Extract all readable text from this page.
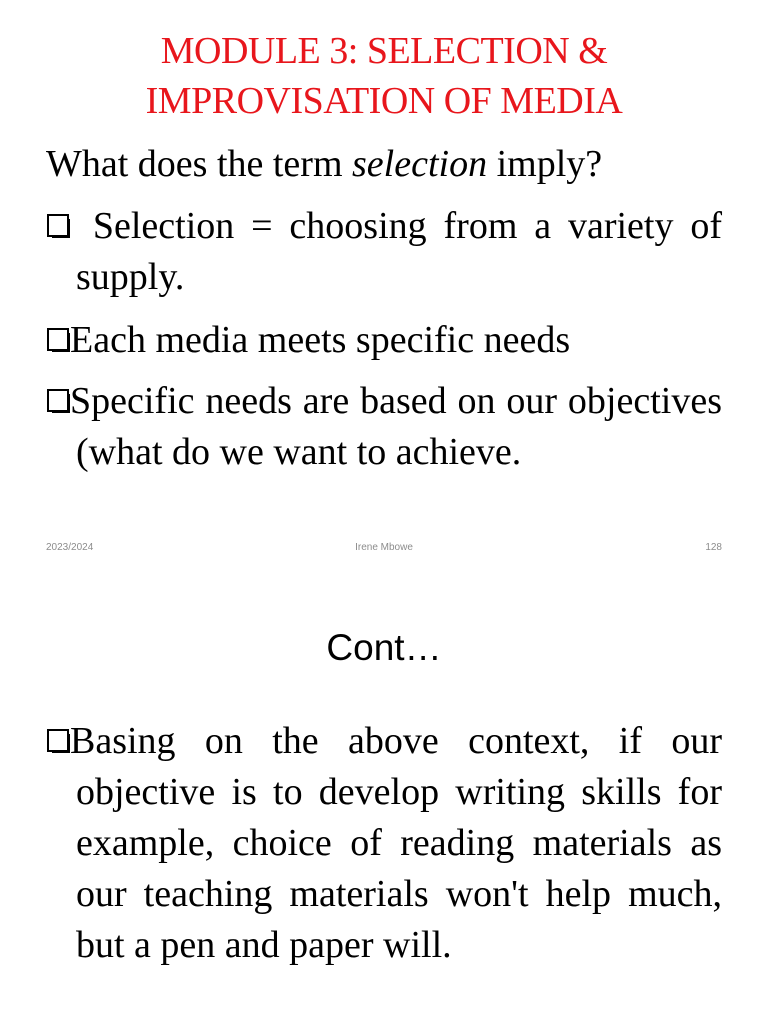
MODULE 3: SELECTION &
IMPROVISATION OF MEDIA
What does the term selection imply?
Selection = choosing from a variety of supply.
Each media meets specific needs
Specific needs are based on our objectives (what do we want to achieve.
2023/2024	Irene Mbowe	128
Cont…
Basing on the above context, if our objective is to develop writing skills for example, choice of reading materials as our teaching materials won't help much, but a pen and paper will.
